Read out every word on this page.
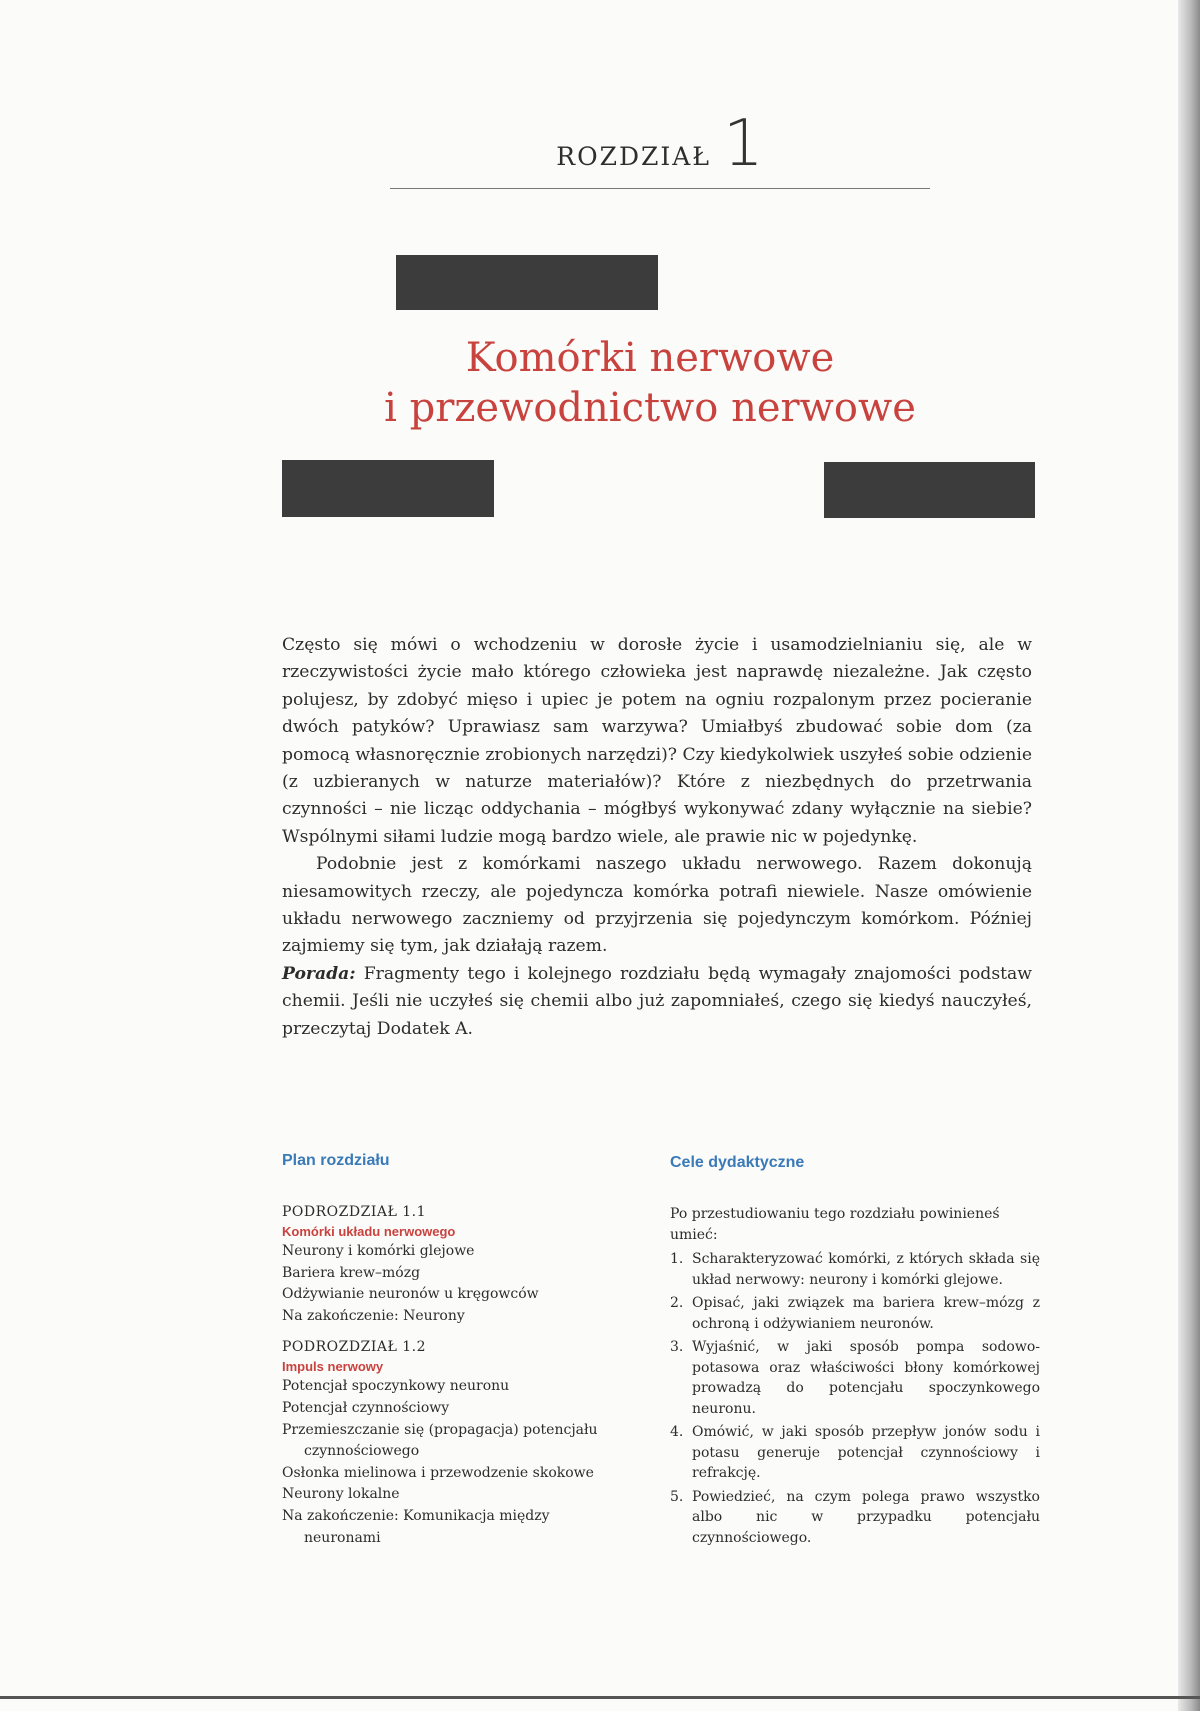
ROZDZIAŁ 1
Komórki nerwowe
i przewodnictwo nerwowe

Często się mówi o wchodzeniu w dorosłe życie i usamodzielnianiu się, ale w rzeczywistości życie mało którego człowieka jest naprawdę niezależne. Jak często polujesz, by zdobyć mięso i upiec je potem na ogniu rozpalonym przez pocieranie dwóch patyków? Uprawiasz sam warzywa? Umiałbyś zbudować sobie dom (za pomocą własnoręcznie zrobionych narzędzi)? Czy kiedykolwiek uszyłeś sobie odzienie (z uzbieranych w naturze materiałów)? Które z niezbędnych do przetrwania czynności – nie licząc oddychania – mógłbyś wykonywać zdany wyłącznie na siebie? Wspólnymi siłami ludzie mogą bardzo wiele, ale prawie nic w pojedynkę.

Podobnie jest z komórkami naszego układu nerwowego. Razem dokonują niesamowitych rzeczy, ale pojedyncza komórka potrafi niewiele. Nasze omówienie układu nerwowego zaczniemy od przyjrzenia się pojedynczym komórkom. Później zajmiemy się tym, jak działają razem.

Porada: Fragmenty tego i kolejnego rozdziału będą wymagały znajomości podstaw chemii. Jeśli nie uczyłeś się chemii albo już zapomniałeś, czego się kiedyś nauczyłeś, przeczytaj Dodatek A.

Plan rozdziału

PODROZDZIAŁ 1.1

Komórki układu nerwowego

Neurony i komórki glejowe
Bariera krew–mózg
Odżywianie neuronów u kręgowców
Na zakończenie: Neurony

PODROZDZIAŁ 1.2

Impuls nerwowy

Potencjał spoczynkowy neuronu
Potencjał czynnościowy
Przemieszczanie się (propagacja) potencjału czynnościowego
Osłonka mielinowa i przewodzenie skokowe
Neurony lokalne
Na zakończenie: Komunikacja między neuronami

Cele dydaktyczne

Po przestudiowaniu tego rozdziału powinieneś umieć:

1. Scharakteryzować komórki, z których składa się układ nerwowy: neurony i komórki glejowe.
2. Opisać, jaki związek ma bariera krew–mózg z ochroną i odżywianiem neuronów.
3. Wyjaśnić, w jaki sposób pompa sodowo-potasowa oraz właściwości błony komórkowej prowadzą do potencjału spoczynkowego neuronu.
4. Omówić, w jaki sposób przepływ jonów sodu i potasu generuje potencjał czynnościowy i refrakcję.
5. Powiedzieć, na czym polega prawo wszystko albo nic w przypadku potencjału czynnościowego.
